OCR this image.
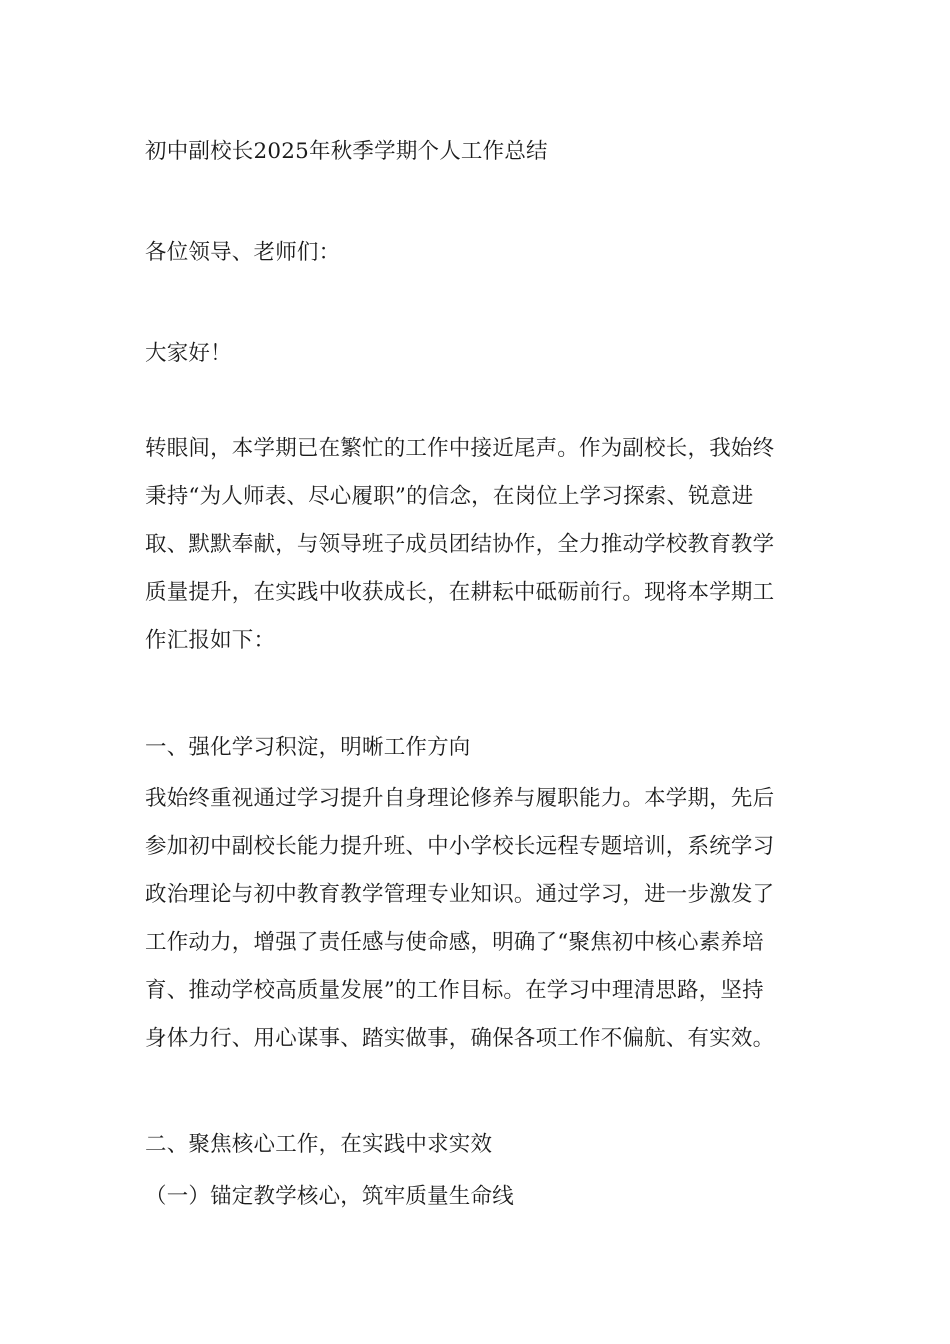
初中副校长2025年秋季学期个人工作总结
各位领导、老师们：
大家好！
转眼间，本学期已在繁忙的工作中接近尾声。作为副校长，我始终
秉持“为人师表、尽心履职”的信念，在岗位上学习探索、锐意进
取、默默奉献，与领导班子成员团结协作，全力推动学校教育教学
质量提升，在实践中收获成长，在耕耘中砥砺前行。现将本学期工
作汇报如下：
一、强化学习积淀，明晰工作方向
我始终重视通过学习提升自身理论修养与履职能力。本学期，先后
参加初中副校长能力提升班、中小学校长远程专题培训，系统学习
政治理论与初中教育教学管理专业知识。通过学习，进一步激发了
工作动力，增强了责任感与使命感，明确了“聚焦初中核心素养培
育、推动学校高质量发展”的工作目标。在学习中理清思路，坚持
身体力行、用心谋事、踏实做事，确保各项工作不偏航、有实效。
二、聚焦核心工作，在实践中求实效
（一）锚定教学核心，筑牢质量生命线
